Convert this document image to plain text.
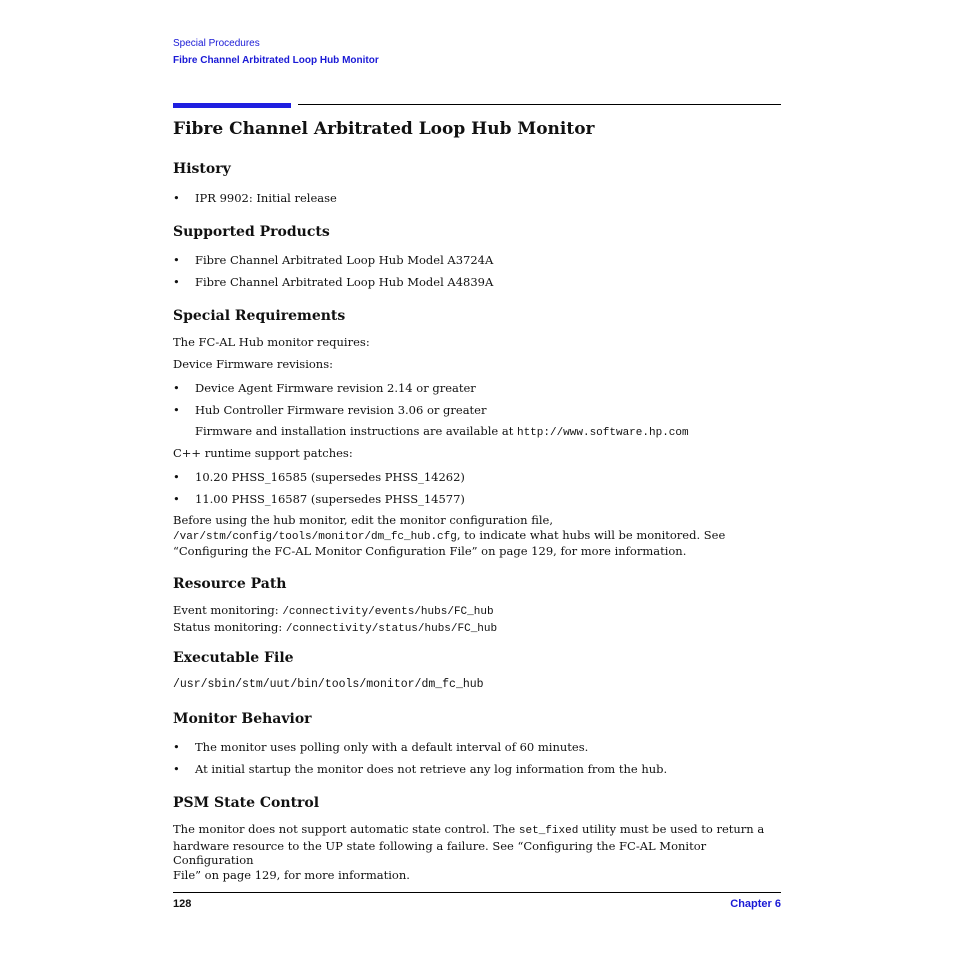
Special Procedures
Fibre Channel Arbitrated Loop Hub Monitor
Fibre Channel Arbitrated Loop Hub Monitor
History
• IPR 9902: Initial release
Supported Products
• Fibre Channel Arbitrated Loop Hub Model A3724A
• Fibre Channel Arbitrated Loop Hub Model A4839A
Special Requirements
The FC-AL Hub monitor requires:
Device Firmware revisions:
• Device Agent Firmware revision 2.14 or greater
• Hub Controller Firmware revision 3.06 or greater
Firmware and installation instructions are available at http://www.software.hp.com
C++ runtime support patches:
• 10.20 PHSS_16585 (supersedes PHSS_14262)
• 11.00 PHSS_16587 (supersedes PHSS_14577)
Before using the hub monitor, edit the monitor configuration file,
/var/stm/config/tools/monitor/dm_fc_hub.cfg, to indicate what hubs will be monitored. See
“Configuring the FC-AL Monitor Configuration File” on page 129, for more information.
Resource Path
Event monitoring: /connectivity/events/hubs/FC_hub
Status monitoring: /connectivity/status/hubs/FC_hub
Executable File
/usr/sbin/stm/uut/bin/tools/monitor/dm_fc_hub
Monitor Behavior
• The monitor uses polling only with a default interval of 60 minutes.
• At initial startup the monitor does not retrieve any log information from the hub.
PSM State Control
The monitor does not support automatic state control. The set_fixed utility must be used to return a
hardware resource to the UP state following a failure. See “Configuring the FC-AL Monitor Configuration
File” on page 129, for more information.
128	Chapter 6
